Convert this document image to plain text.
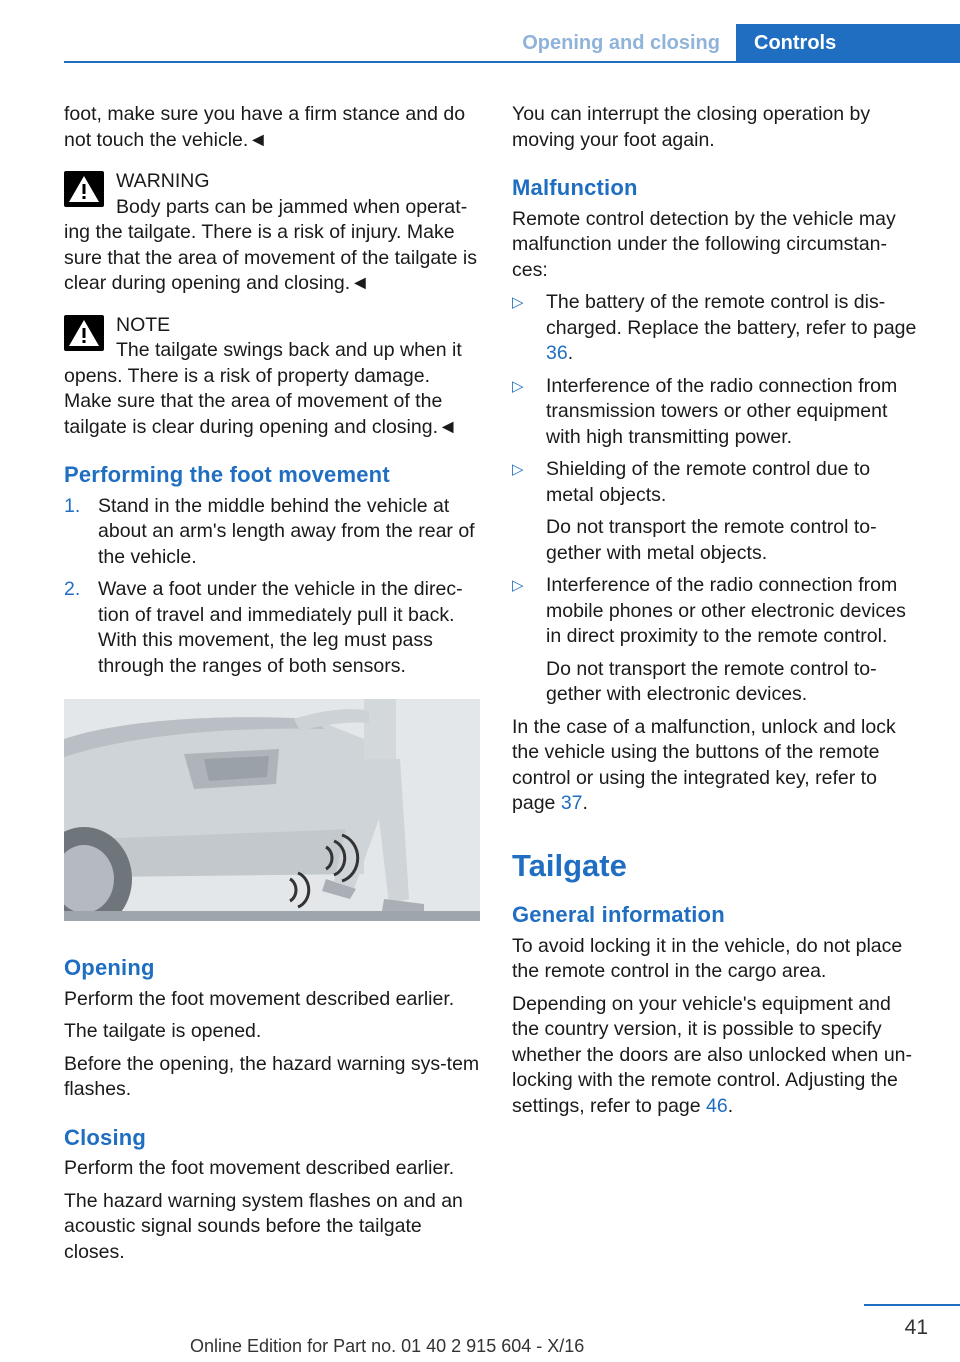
Opening and closing	Controls

foot, make sure you have a firm stance and do not touch the vehicle.◄

WARNING
Body parts can be jammed when operat‐
ing the tailgate. There is a risk of injury. Make sure that the area of movement of the tailgate is clear during opening and closing.◄
NOTE
The tailgate swings back and up when it
opens. There is a risk of property damage. Make sure that the area of movement of the tailgate is clear during opening and closing.◄
Performing the foot movement
1. Stand in the middle behind the vehicle at about an arm's length away from the rear of the vehicle.
2. Wave a foot under the vehicle in the direc‐tion of travel and immediately pull it back. With this movement, the leg must pass through the ranges of both sensors.
Opening

Perform the foot movement described earlier.

The tailgate is opened.

Before the opening, the hazard warning sys‐tem flashes.

Closing

Perform the foot movement described earlier.

The hazard warning system flashes on and an acoustic signal sounds before the tailgate closes.

You can interrupt the closing operation by moving your foot again.

Malfunction

Remote control detection by the vehicle may malfunction under the following circumstan‐ces:

▷ The battery of the remote control is dis‐charged. Replace the battery, refer to page 36.
▷ Interference of the radio connection from transmission towers or other equipment with high transmitting power.
▷ Shielding of the remote control due to metal objects.
Do not transport the remote control to‐gether with metal objects.
▷ Interference of the radio connection from mobile phones or other electronic devices in direct proximity to the remote control.
Do not transport the remote control to‐gether with electronic devices.

In the case of a malfunction, unlock and lock the vehicle using the buttons of the remote control or using the integrated key, refer to page 37.

Tailgate
General information

To avoid locking it in the vehicle, do not place the remote control in the cargo area.

Depending on your vehicle's equipment and the country version, it is possible to specify whether the doors are also unlocked when un‐locking with the remote control. Adjusting the settings, refer to page 46.

41
Online Edition for Part no. 01 40 2 915 604 - X/16
